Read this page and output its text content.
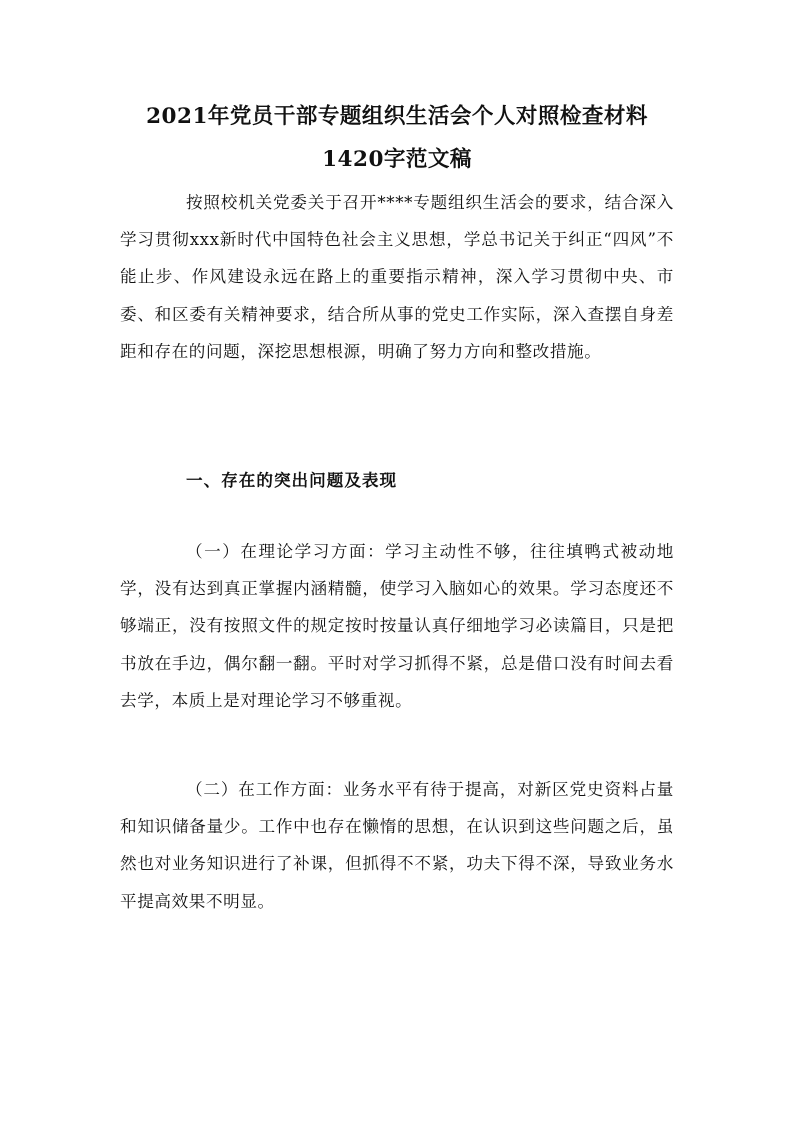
2021年党员干部专题组织生活会个人对照检查材料
1420字范文稿

按照校机关党委关于召开****专题组织生活会的要求，结合深入学习贯彻xxx新时代中国特色社会主义思想，学总书记关于纠正“四风”不能止步、作风建设永远在路上的重要指示精神，深入学习贯彻中央、市委、和区委有关精神要求，结合所从事的党史工作实际，深入查摆自身差距和存在的问题，深挖思想根源，明确了努力方向和整改措施。

一、存在的突出问题及表现

（一）在理论学习方面：学习主动性不够，往往填鸭式被动地学，没有达到真正掌握内涵精髓，使学习入脑如心的效果。学习态度还不够端正，没有按照文件的规定按时按量认真仔细地学习必读篇目，只是把书放在手边，偶尔翻一翻。平时对学习抓得不紧，总是借口没有时间去看去学，本质上是对理论学习不够重视。

（二）在工作方面：业务水平有待于提高，对新区党史资料占量和知识储备量少。工作中也存在懒惰的思想，在认识到这些问题之后，虽然也对业务知识进行了补课，但抓得不不紧，功夫下得不深，导致业务水平提高效果不明显。
